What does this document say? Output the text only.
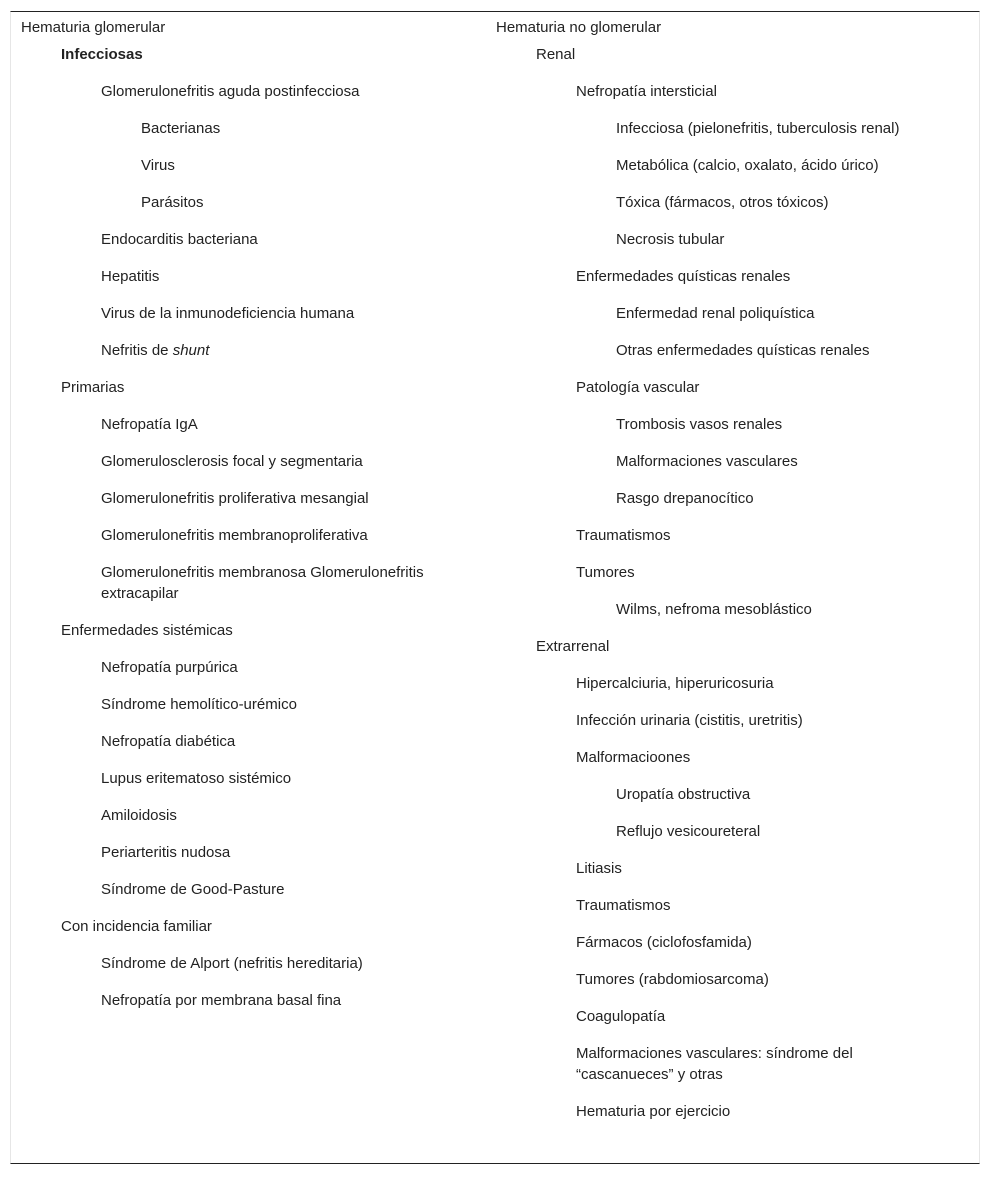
Hematuria glomerular
Infecciosas
Glomerulonefritis aguda postinfecciosa
Bacterianas
Virus
Parásitos
Endocarditis bacteriana
Hepatitis
Virus de la inmunodeficiencia humana
Nefritis de shunt
Primarias
Nefropatía IgA
Glomerulosclerosis focal y segmentaria
Glomerulonefritis proliferativa mesangial
Glomerulonefritis membranoproliferativa
Glomerulonefritis membranosa Glomerulonefritis extracapilar
Enfermedades sistémicas
Nefropatía purpúrica
Síndrome hemolítico-urémico
Nefropatía diabética
Lupus eritematoso sistémico
Amiloidosis
Periarteritis nudosa
Síndrome de Good-Pasture
Con incidencia familiar
Síndrome de Alport (nefritis hereditaria)
Nefropatía por membrana basal fina
Hematuria no glomerular
Renal
Nefropatía intersticial
Infecciosa (pielonefritis, tuberculosis renal)
Metabólica (calcio, oxalato, ácido úrico)
Tóxica (fármacos, otros tóxicos)
Necrosis tubular
Enfermedades quísticas renales
Enfermedad renal poliquística
Otras enfermedades quísticas renales
Patología vascular
Trombosis vasos renales
Malformaciones vasculares
Rasgo drepanocítico
Traumatismos
Tumores
Wilms, nefroma mesoblástico
Extrarrenal
Hipercalciuria, hiperuricosuria
Infección urinaria (cistitis, uretritis)
Malformacioones
Uropatía obstructiva
Reflujo vesicoureteral
Litiasis
Traumatismos
Fármacos (ciclofosfamida)
Tumores (rabdomiosarcoma)
Coagulopatía
Malformaciones vasculares: síndrome del “cascanueces” y otras
Hematuria por ejercicio
